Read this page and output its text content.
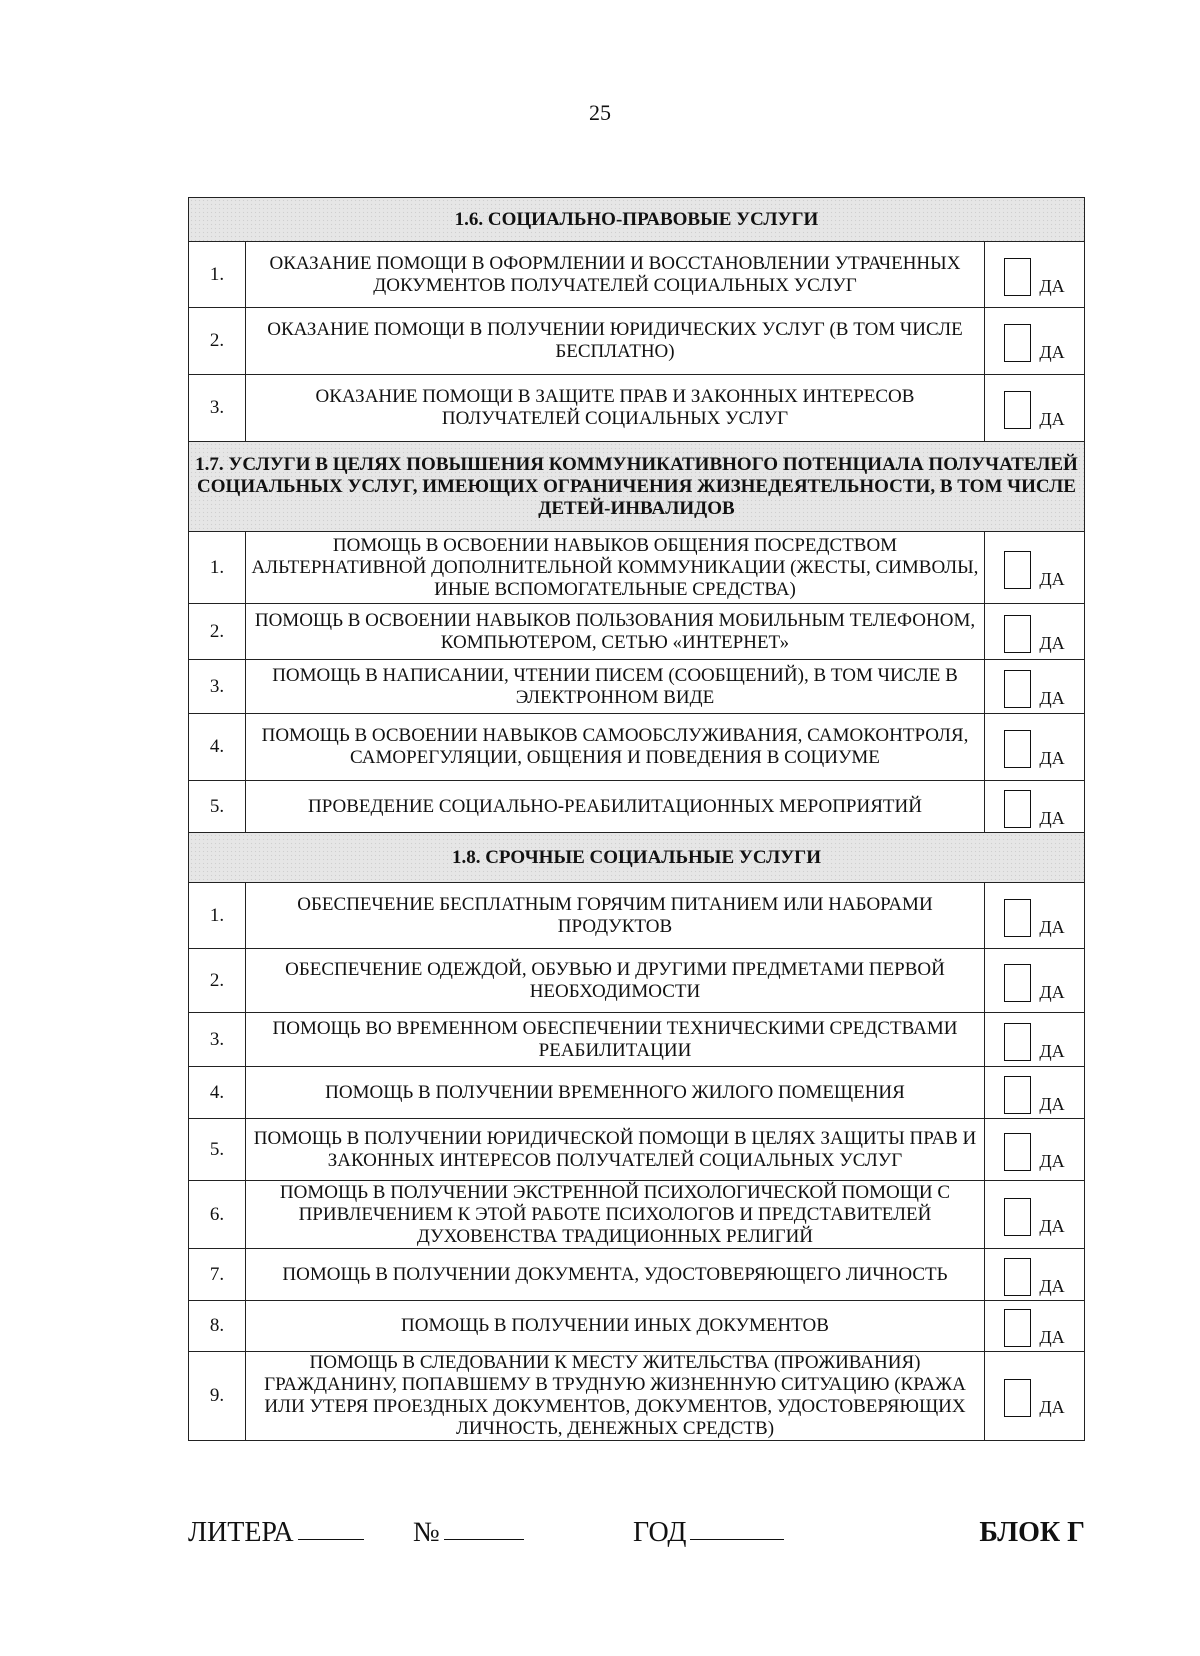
25
1.6. СОЦИАЛЬНО-ПРАВОВЫЕ УСЛУГИ		
1.	ОКАЗАНИЕ ПОМОЩИ В ОФОРМЛЕНИИ И ВОССТАНОВЛЕНИИ УТРАЧЕННЫХ ДОКУМЕНТОВ ПОЛУЧАТЕЛЕЙ СОЦИАЛЬНЫХ УСЛУГ	ДА

2.	ОКАЗАНИЕ ПОМОЩИ В ПОЛУЧЕНИИ ЮРИДИЧЕСКИХ УСЛУГ (В ТОМ ЧИСЛЕ БЕСПЛАТНО)	ДА

3.	ОКАЗАНИЕ ПОМОЩИ В ЗАЩИТЕ ПРАВ И ЗАКОННЫХ ИНТЕРЕСОВ ПОЛУЧАТЕЛЕЙ СОЦИАЛЬНЫХ УСЛУГ	ДА

1.7. УСЛУГИ В ЦЕЛЯХ ПОВЫШЕНИЯ КОММУНИКАТИВНОГО ПОТЕНЦИАЛА ПОЛУЧАТЕЛЕЙ СОЦИАЛЬНЫХ УСЛУГ, ИМЕЮЩИХ ОГРАНИЧЕНИЯ ЖИЗНЕДЕЯТЕЛЬНОСТИ, В ТОМ ЧИСЛЕ ДЕТЕЙ-ИНВАЛИДОВ		
1.	ПОМОЩЬ В ОСВОЕНИИ НАВЫКОВ ОБЩЕНИЯ ПОСРЕДСТВОМ АЛЬТЕРНАТИВНОЙ ДОПОЛНИТЕЛЬНОЙ КОММУНИКАЦИИ (ЖЕСТЫ, СИМВОЛЫ, ИНЫЕ ВСПОМОГАТЕЛЬНЫЕ СРЕДСТВА)	ДА

2.	ПОМОЩЬ В ОСВОЕНИИ НАВЫКОВ ПОЛЬЗОВАНИЯ МОБИЛЬНЫМ ТЕЛЕФОНОМ, КОМПЬЮТЕРОМ, СЕТЬЮ «ИНТЕРНЕТ»	ДА

3.	ПОМОЩЬ В НАПИСАНИИ, ЧТЕНИИ ПИСЕМ (СООБЩЕНИЙ), В ТОМ ЧИСЛЕ В ЭЛЕКТРОННОМ ВИДЕ	ДА

4.	ПОМОЩЬ В ОСВОЕНИИ НАВЫКОВ САМООБСЛУЖИВАНИЯ, САМОКОНТРОЛЯ, САМОРЕГУЛЯЦИИ, ОБЩЕНИЯ И ПОВЕДЕНИЯ В СОЦИУМЕ	ДА

5.	ПРОВЕДЕНИЕ СОЦИАЛЬНО-РЕАБИЛИТАЦИОННЫХ МЕРОПРИЯТИЙ	ДА

1.8. СРОЧНЫЕ СОЦИАЛЬНЫЕ УСЛУГИ		
1.	ОБЕСПЕЧЕНИЕ БЕСПЛАТНЫМ ГОРЯЧИМ ПИТАНИЕМ ИЛИ НАБОРАМИ ПРОДУКТОВ	ДА

2.	ОБЕСПЕЧЕНИЕ ОДЕЖДОЙ, ОБУВЬЮ И ДРУГИМИ ПРЕДМЕТАМИ ПЕРВОЙ НЕОБХОДИМОСТИ	ДА

3.	ПОМОЩЬ ВО ВРЕМЕННОМ ОБЕСПЕЧЕНИИ ТЕХНИЧЕСКИМИ СРЕДСТВАМИ РЕАБИЛИТАЦИИ	ДА

4.	ПОМОЩЬ В ПОЛУЧЕНИИ ВРЕМЕННОГО ЖИЛОГО ПОМЕЩЕНИЯ	ДА

5.	ПОМОЩЬ В ПОЛУЧЕНИИ ЮРИДИЧЕСКОЙ ПОМОЩИ В ЦЕЛЯХ ЗАЩИТЫ ПРАВ И ЗАКОННЫХ ИНТЕРЕСОВ ПОЛУЧАТЕЛЕЙ СОЦИАЛЬНЫХ УСЛУГ	ДА

6.	ПОМОЩЬ В ПОЛУЧЕНИИ ЭКСТРЕННОЙ ПСИХОЛОГИЧЕСКОЙ ПОМОЩИ С ПРИВЛЕЧЕНИЕМ К ЭТОЙ РАБОТЕ ПСИХОЛОГОВ И ПРЕДСТАВИТЕЛЕЙ ДУХОВЕНСТВА ТРАДИЦИОННЫХ РЕЛИГИЙ	ДА

7.	ПОМОЩЬ В ПОЛУЧЕНИИ ДОКУМЕНТА, УДОСТОВЕРЯЮЩЕГО ЛИЧНОСТЬ	ДА

8.	ПОМОЩЬ В ПОЛУЧЕНИИ ИНЫХ ДОКУМЕНТОВ	ДА

9.	ПОМОЩЬ В СЛЕДОВАНИИ К МЕСТУ ЖИТЕЛЬСТВА (ПРОЖИВАНИЯ) ГРАЖДАНИНУ, ПОПАВШЕМУ В ТРУДНУЮ ЖИЗНЕННУЮ СИТУАЦИЮ (КРАЖА ИЛИ УТЕРЯ ПРОЕЗДНЫХ ДОКУМЕНТОВ, ДОКУМЕНТОВ, УДОСТОВЕРЯЮЩИХ ЛИЧНОСТЬ, ДЕНЕЖНЫХ СРЕДСТВ)	ДА
ЛИТЕРА	№	ГОД	БЛОК Г
